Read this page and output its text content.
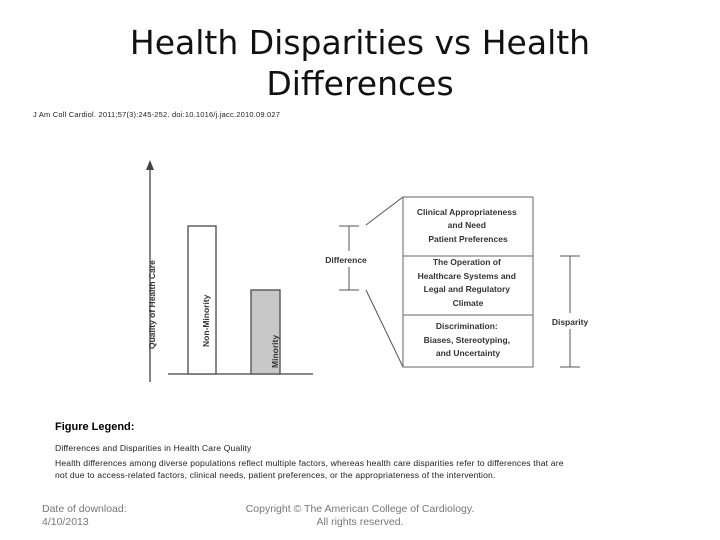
Health Disparities vs Health Differences
J Am Coll Cardiol. 2011;57(3):245-252. doi:10.1016/j.jacc.2010.09.027
Quality of Health Care	Non-Minority
Minority
Difference
Clinical Appropriateness and Need Patient Preferences
The Operation of Healthcare Systems and Legal and Regulatory Climate
Discrimination: Biases, Stereotyping, and Uncertainty
Disparity
Figure Legend:
Differences and Disparities in Health Care Quality
Health differences among diverse populations reflect multiple factors, whereas health care disparities refer to differences that are
not due to access-related factors, clinical needs, patient preferences, or the appropriateness of the intervention.
Date of download:
4/10/2013
Copyright © The American College of Cardiology.
All rights reserved.
